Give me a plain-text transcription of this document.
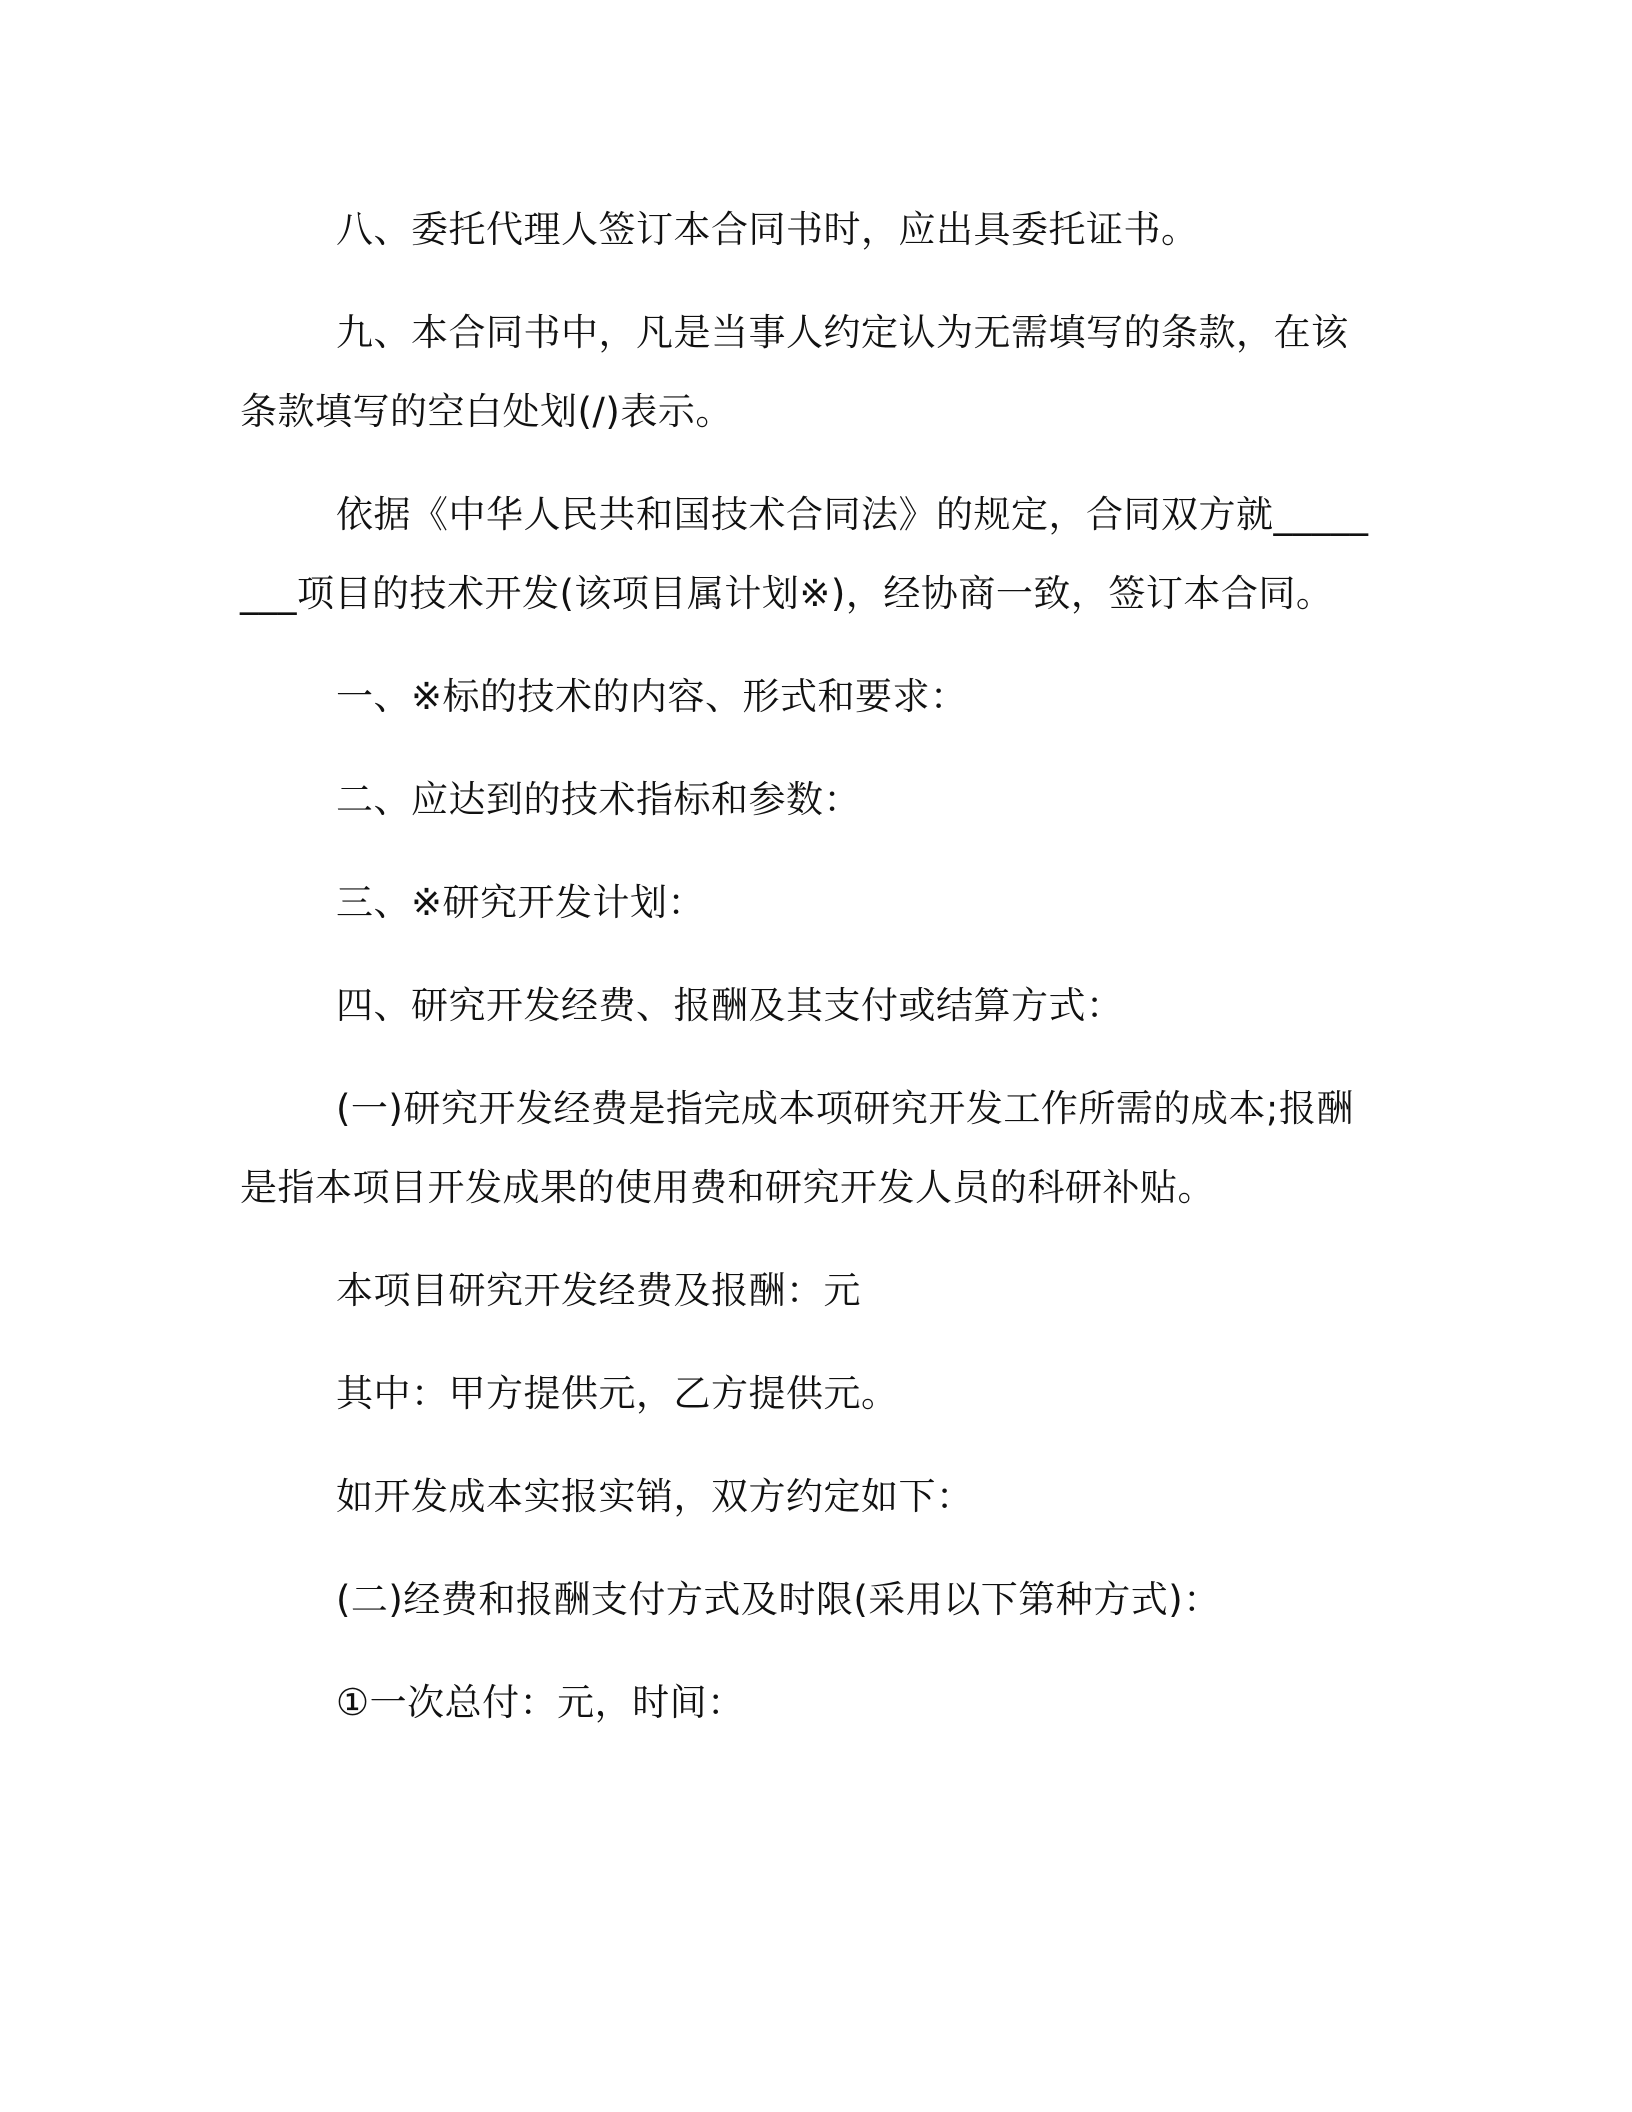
八、委托代理人签订本合同书时，应出具委托证书。

九、本合同书中，凡是当事人约定认为无需填写的条款，在该条款填写的空白处划(/)表示。

依据《中华人民共和国技术合同法》的规定，合同双方就________项目的技术开发(该项目属计划※)，经协商一致，签订本合同。

一、※标的技术的内容、形式和要求：

二、应达到的技术指标和参数：

三、※研究开发计划：

四、研究开发经费、报酬及其支付或结算方式：

(一)研究开发经费是指完成本项研究开发工作所需的成本;报酬是指本项目开发成果的使用费和研究开发人员的科研补贴。

本项目研究开发经费及报酬：元

其中：甲方提供元，乙方提供元。

如开发成本实报实销，双方约定如下：

(二)经费和报酬支付方式及时限(采用以下第种方式)：

①一次总付：元，时间：
